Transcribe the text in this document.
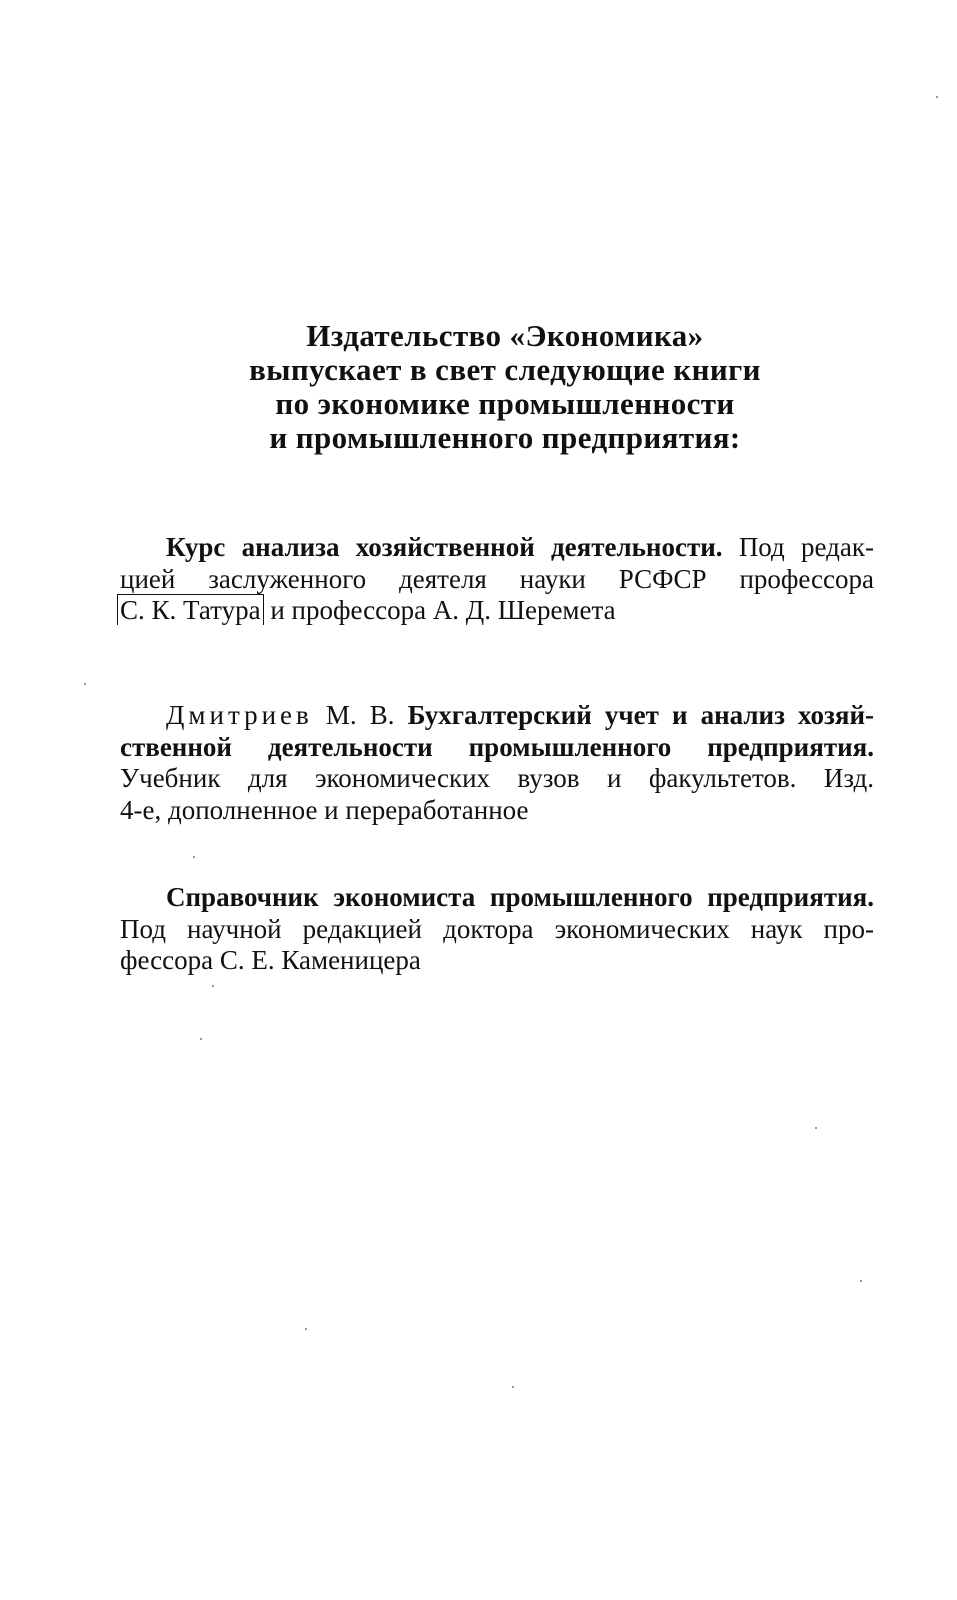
Издательство «Экономика»
выпускает в свет следующие книги
по экономике промышленности
и промышленного предприятия:
Курс анализа хозяйственной деятельности. Под редак-
цией заслуженного деятеля науки РСФСР профессора
С. К. Татура и профессора А. Д. Шеремета
Дмитриев М. В. Бухгалтерский учет и анализ хозяй-
ственной деятельности промышленного предприятия.
Учебник для экономических вузов и факультетов. Изд.
4-е, дополненное и переработанное
Справочник экономиста промышленного предприятия.
Под научной редакцией доктора экономических наук про-
фессора С. Е. Каменицера
